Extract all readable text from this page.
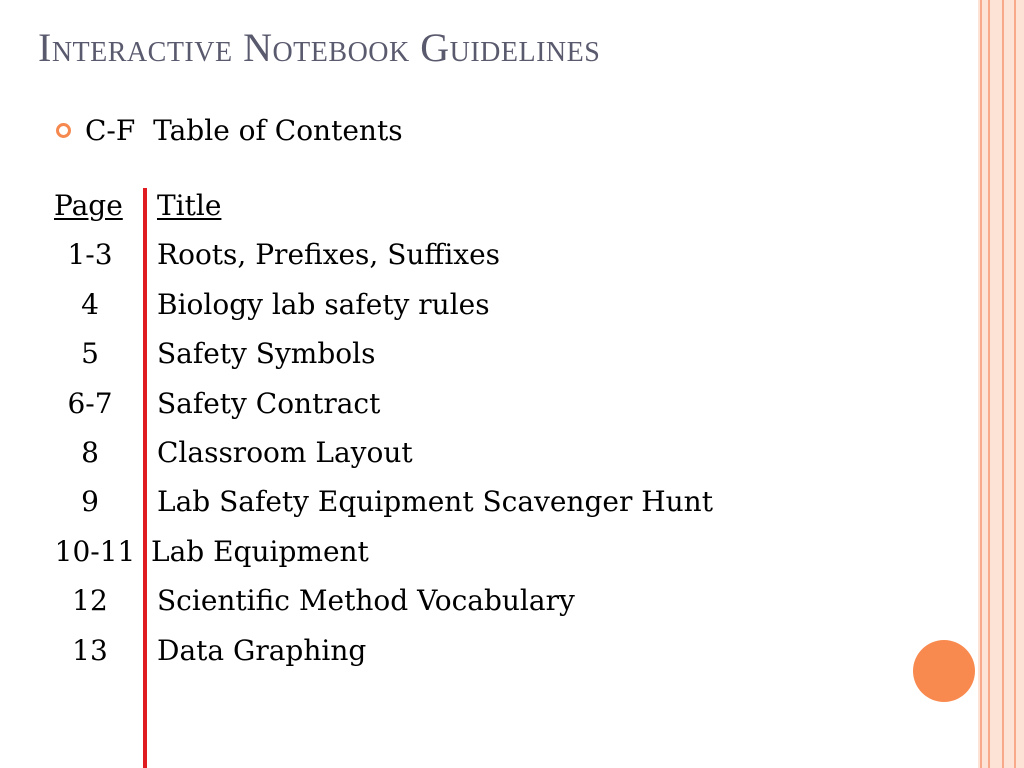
Interactive Notebook Guidelines
C-F  Table of Contents
Page Title
1-3	Roots, Prefixes, Suffixes
4	Biology lab safety rules
5	Safety Symbols
6-7	Safety Contract
8	Classroom Layout
9	Lab Safety Equipment Scavenger Hunt
10-11 Lab Equipment
12	Scientific Method Vocabulary
13	Data Graphing
